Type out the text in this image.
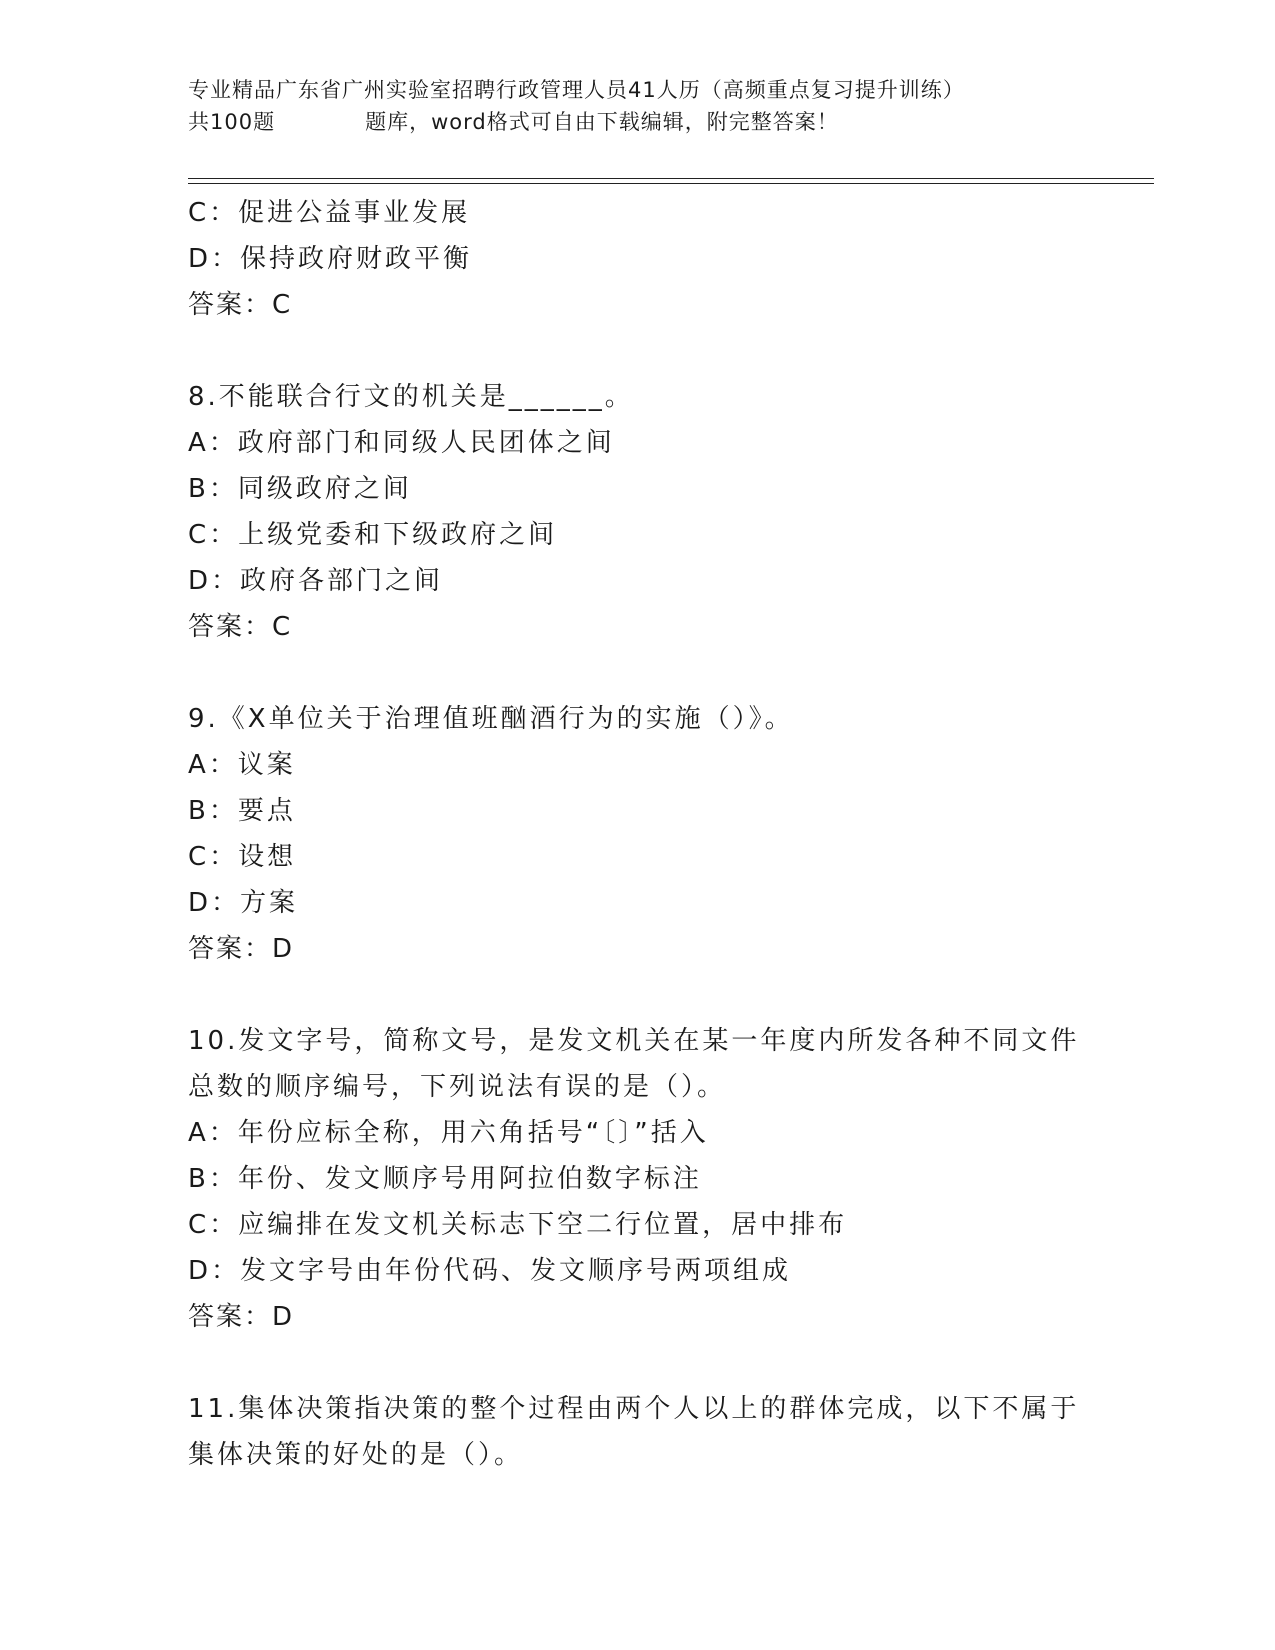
专业精品广东省广州实验室招聘行政管理人员41人历（高频重点复习提升训练）
共100题	题库，word格式可自由下载编辑，附完整答案！
C：促进公益事业发展
D：保持政府财政平衡
答案：C
8.不能联合行文的机关是______。
A：政府部门和同级人民团体之间
B：同级政府之间
C：上级党委和下级政府之间
D：政府各部门之间
答案：C
9.《X单位关于治理值班酗酒行为的实施（）》。
A：议案
B：要点
C：设想
D：方案
答案：D
10.发文字号，简称文号，是发文机关在某一年度内所发各种不同文件
总数的顺序编号，下列说法有误的是（）。
A：年份应标全称，用六角括号“〔〕”括入
B：年份、发文顺序号用阿拉伯数字标注
C：应编排在发文机关标志下空二行位置，居中排布
D：发文字号由年份代码、发文顺序号两项组成
答案：D
11.集体决策指决策的整个过程由两个人以上的群体完成，以下不属于
集体决策的好处的是（）。
